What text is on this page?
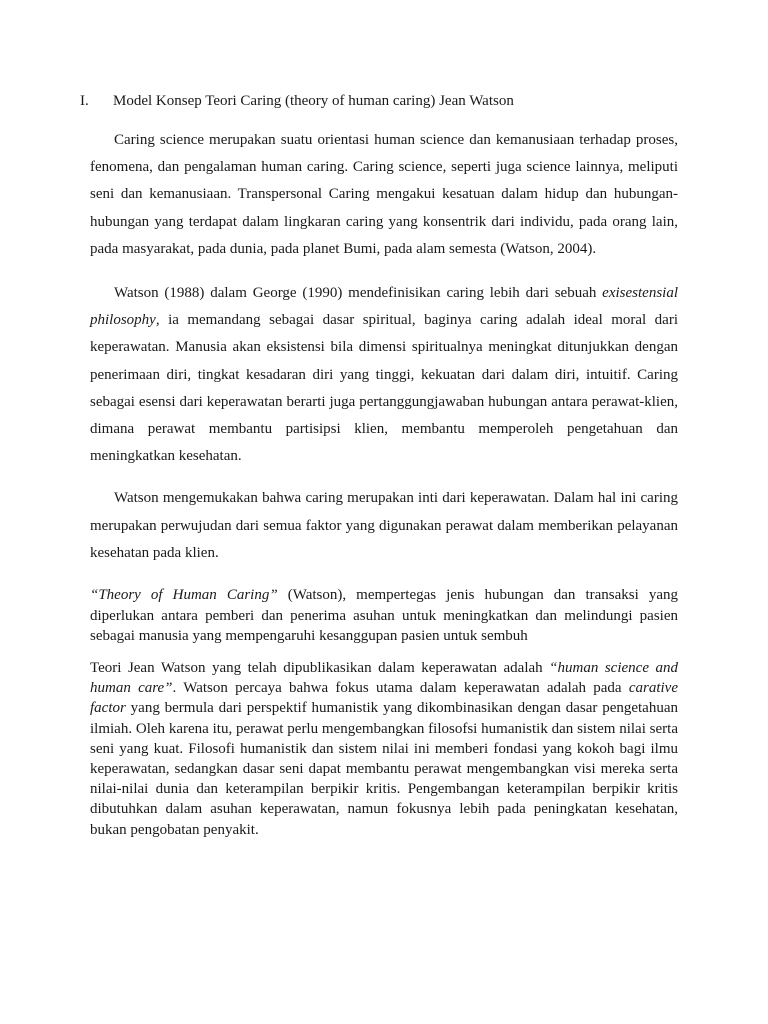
I. Model Konsep Teori Caring (theory of human caring) Jean Watson

Caring science merupakan suatu orientasi human science dan kemanusiaan terhadap proses, fenomena, dan pengalaman human caring. Caring science, seperti juga science lainnya, meliputi seni dan kemanusiaan. Transpersonal Caring mengakui kesatuan dalam hidup dan hubungan-hubungan yang terdapat dalam lingkaran caring yang konsentrik dari individu, pada orang lain, pada masyarakat, pada dunia, pada planet Bumi, pada alam semesta (Watson, 2004).

Watson (1988) dalam George (1990) mendefinisikan caring lebih dari sebuah exisestensial philosophy, ia memandang sebagai dasar spiritual, baginya caring adalah ideal moral dari keperawatan. Manusia akan eksistensi bila dimensi spiritualnya meningkat ditunjukkan dengan penerimaan diri, tingkat kesadaran diri yang tinggi, kekuatan dari dalam diri, intuitif. Caring sebagai esensi dari keperawatan berarti juga pertanggungjawaban hubungan antara perawat-klien, dimana perawat membantu partisipsi klien, membantu memperoleh pengetahuan dan meningkatkan kesehatan.

Watson mengemukakan bahwa caring merupakan inti dari keperawatan. Dalam hal ini caring merupakan perwujudan dari semua faktor yang digunakan perawat dalam memberikan pelayanan kesehatan pada klien.

“Theory of Human Caring” (Watson), mempertegas jenis hubungan dan transaksi yang diperlukan antara pemberi dan penerima asuhan untuk meningkatkan dan melindungi pasien sebagai manusia yang mempengaruhi kesanggupan pasien untuk sembuh

Teori Jean Watson yang telah dipublikasikan dalam keperawatan adalah “human science and human care”. Watson percaya bahwa fokus utama dalam keperawatan adalah pada carative factor yang bermula dari perspektif humanistik yang dikombinasikan dengan dasar pengetahuan ilmiah. Oleh karena itu, perawat perlu mengembangkan filosofsi humanistik dan sistem nilai serta seni yang kuat. Filosofi humanistik dan sistem nilai ini memberi fondasi yang kokoh bagi ilmu keperawatan, sedangkan dasar seni dapat membantu perawat mengembangkan visi mereka serta nilai-nilai dunia dan keterampilan berpikir kritis. Pengembangan keterampilan berpikir kritis dibutuhkan dalam asuhan keperawatan, namun fokusnya lebih pada peningkatan kesehatan, bukan pengobatan penyakit.
